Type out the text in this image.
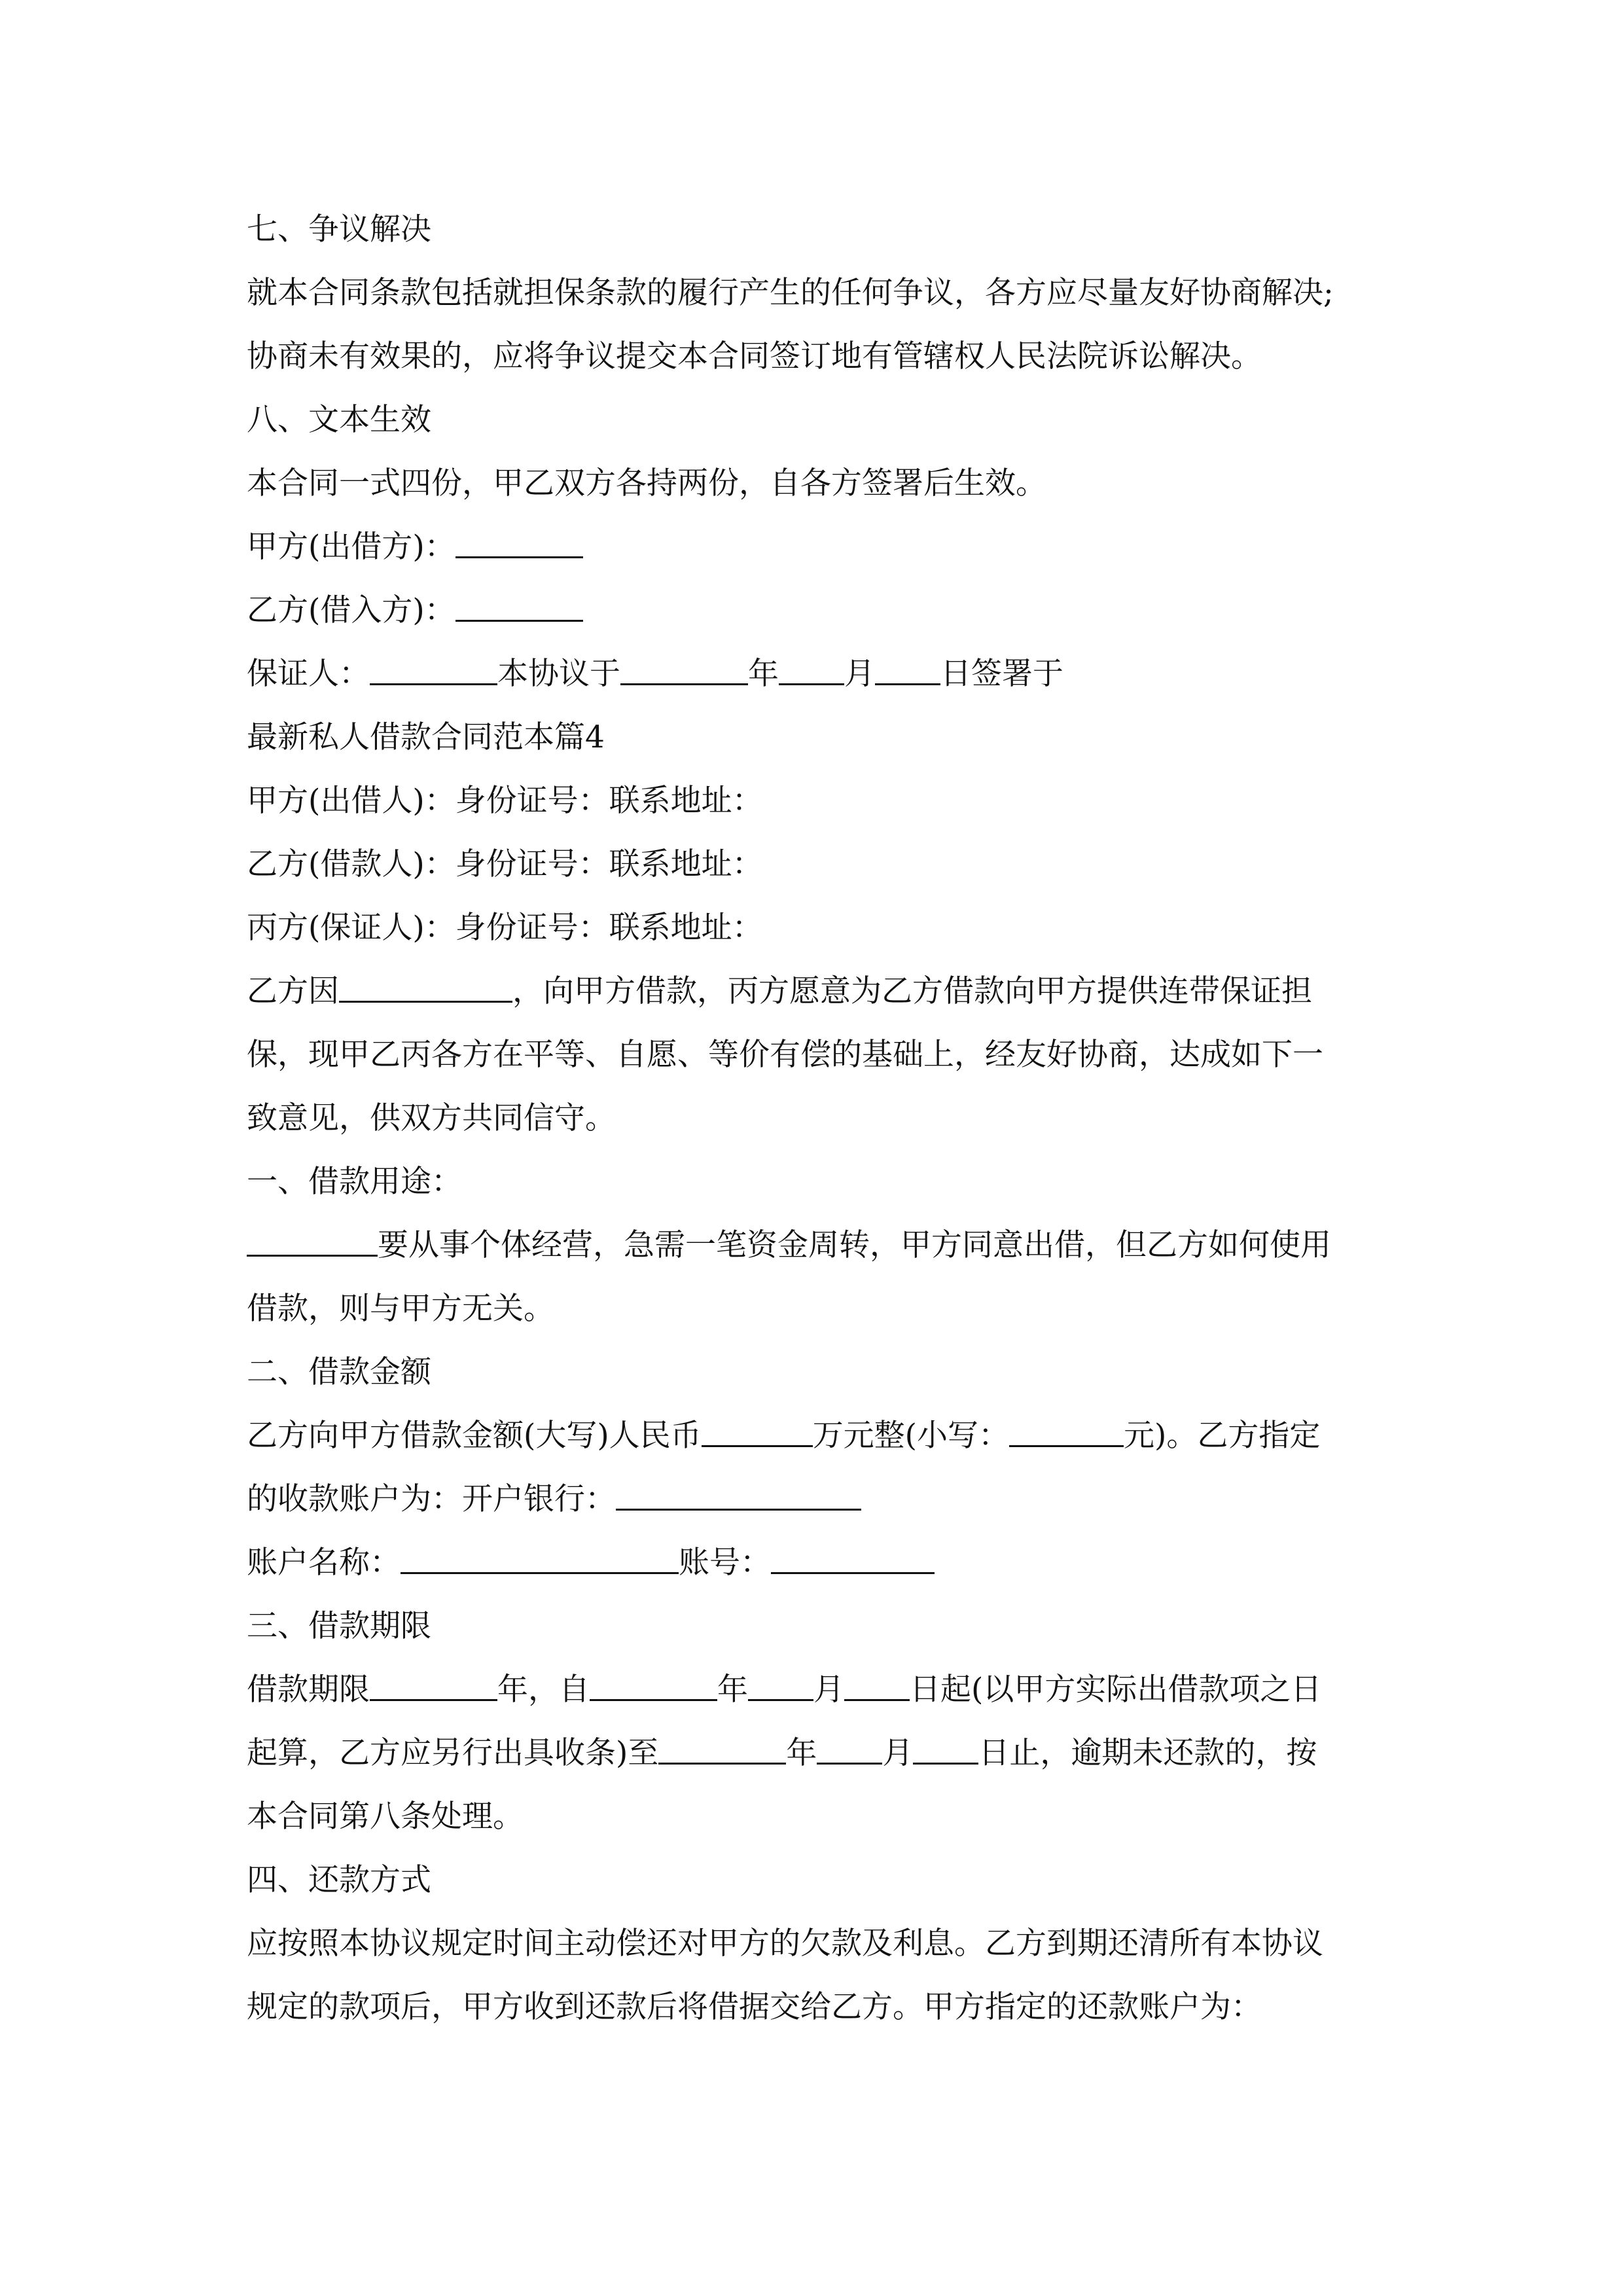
七、争议解决
就本合同条款包括就担保条款的履行产生的任何争议，各方应尽量友好协商解决;
协商未有效果的，应将争议提交本合同签订地有管辖权人民法院诉讼解决。
八、文本生效
本合同一式四份，甲乙双方各持两份，自各方签署后生效。
甲方(出借方)：
乙方(借入方)：
保证人：	本协议于	年 月 日签署于
最新私人借款合同范本篇4
甲方(出借人)：身份证号：联系地址：
乙方(借款人)：身份证号：联系地址：
丙方(保证人)：身份证号：联系地址：
乙方因	，向甲方借款，丙方愿意为乙方借款向甲方提供连带保证担
保，现甲乙丙各方在平等、自愿、等价有偿的基础上，经友好协商，达成如下一
致意见，供双方共同信守。
一、借款用途：
要从事个体经营，急需一笔资金周转，甲方同意出借，但乙方如何使用
借款，则与甲方无关。
二、借款金额
乙方向甲方借款金额(大写)人民币	万元整(小写：	元)。乙方指定
的收款账户为：开户银行：
账户名称：	账号：
三、借款期限
借款期限	年，自	年 月 日起(以甲方实际出借款项之日
起算，乙方应另行出具收条)至	年 月 日止，逾期未还款的，按
本合同第八条处理。
四、还款方式
应按照本协议规定时间主动偿还对甲方的欠款及利息。乙方到期还清所有本协议
规定的款项后，甲方收到还款后将借据交给乙方。甲方指定的还款账户为：
